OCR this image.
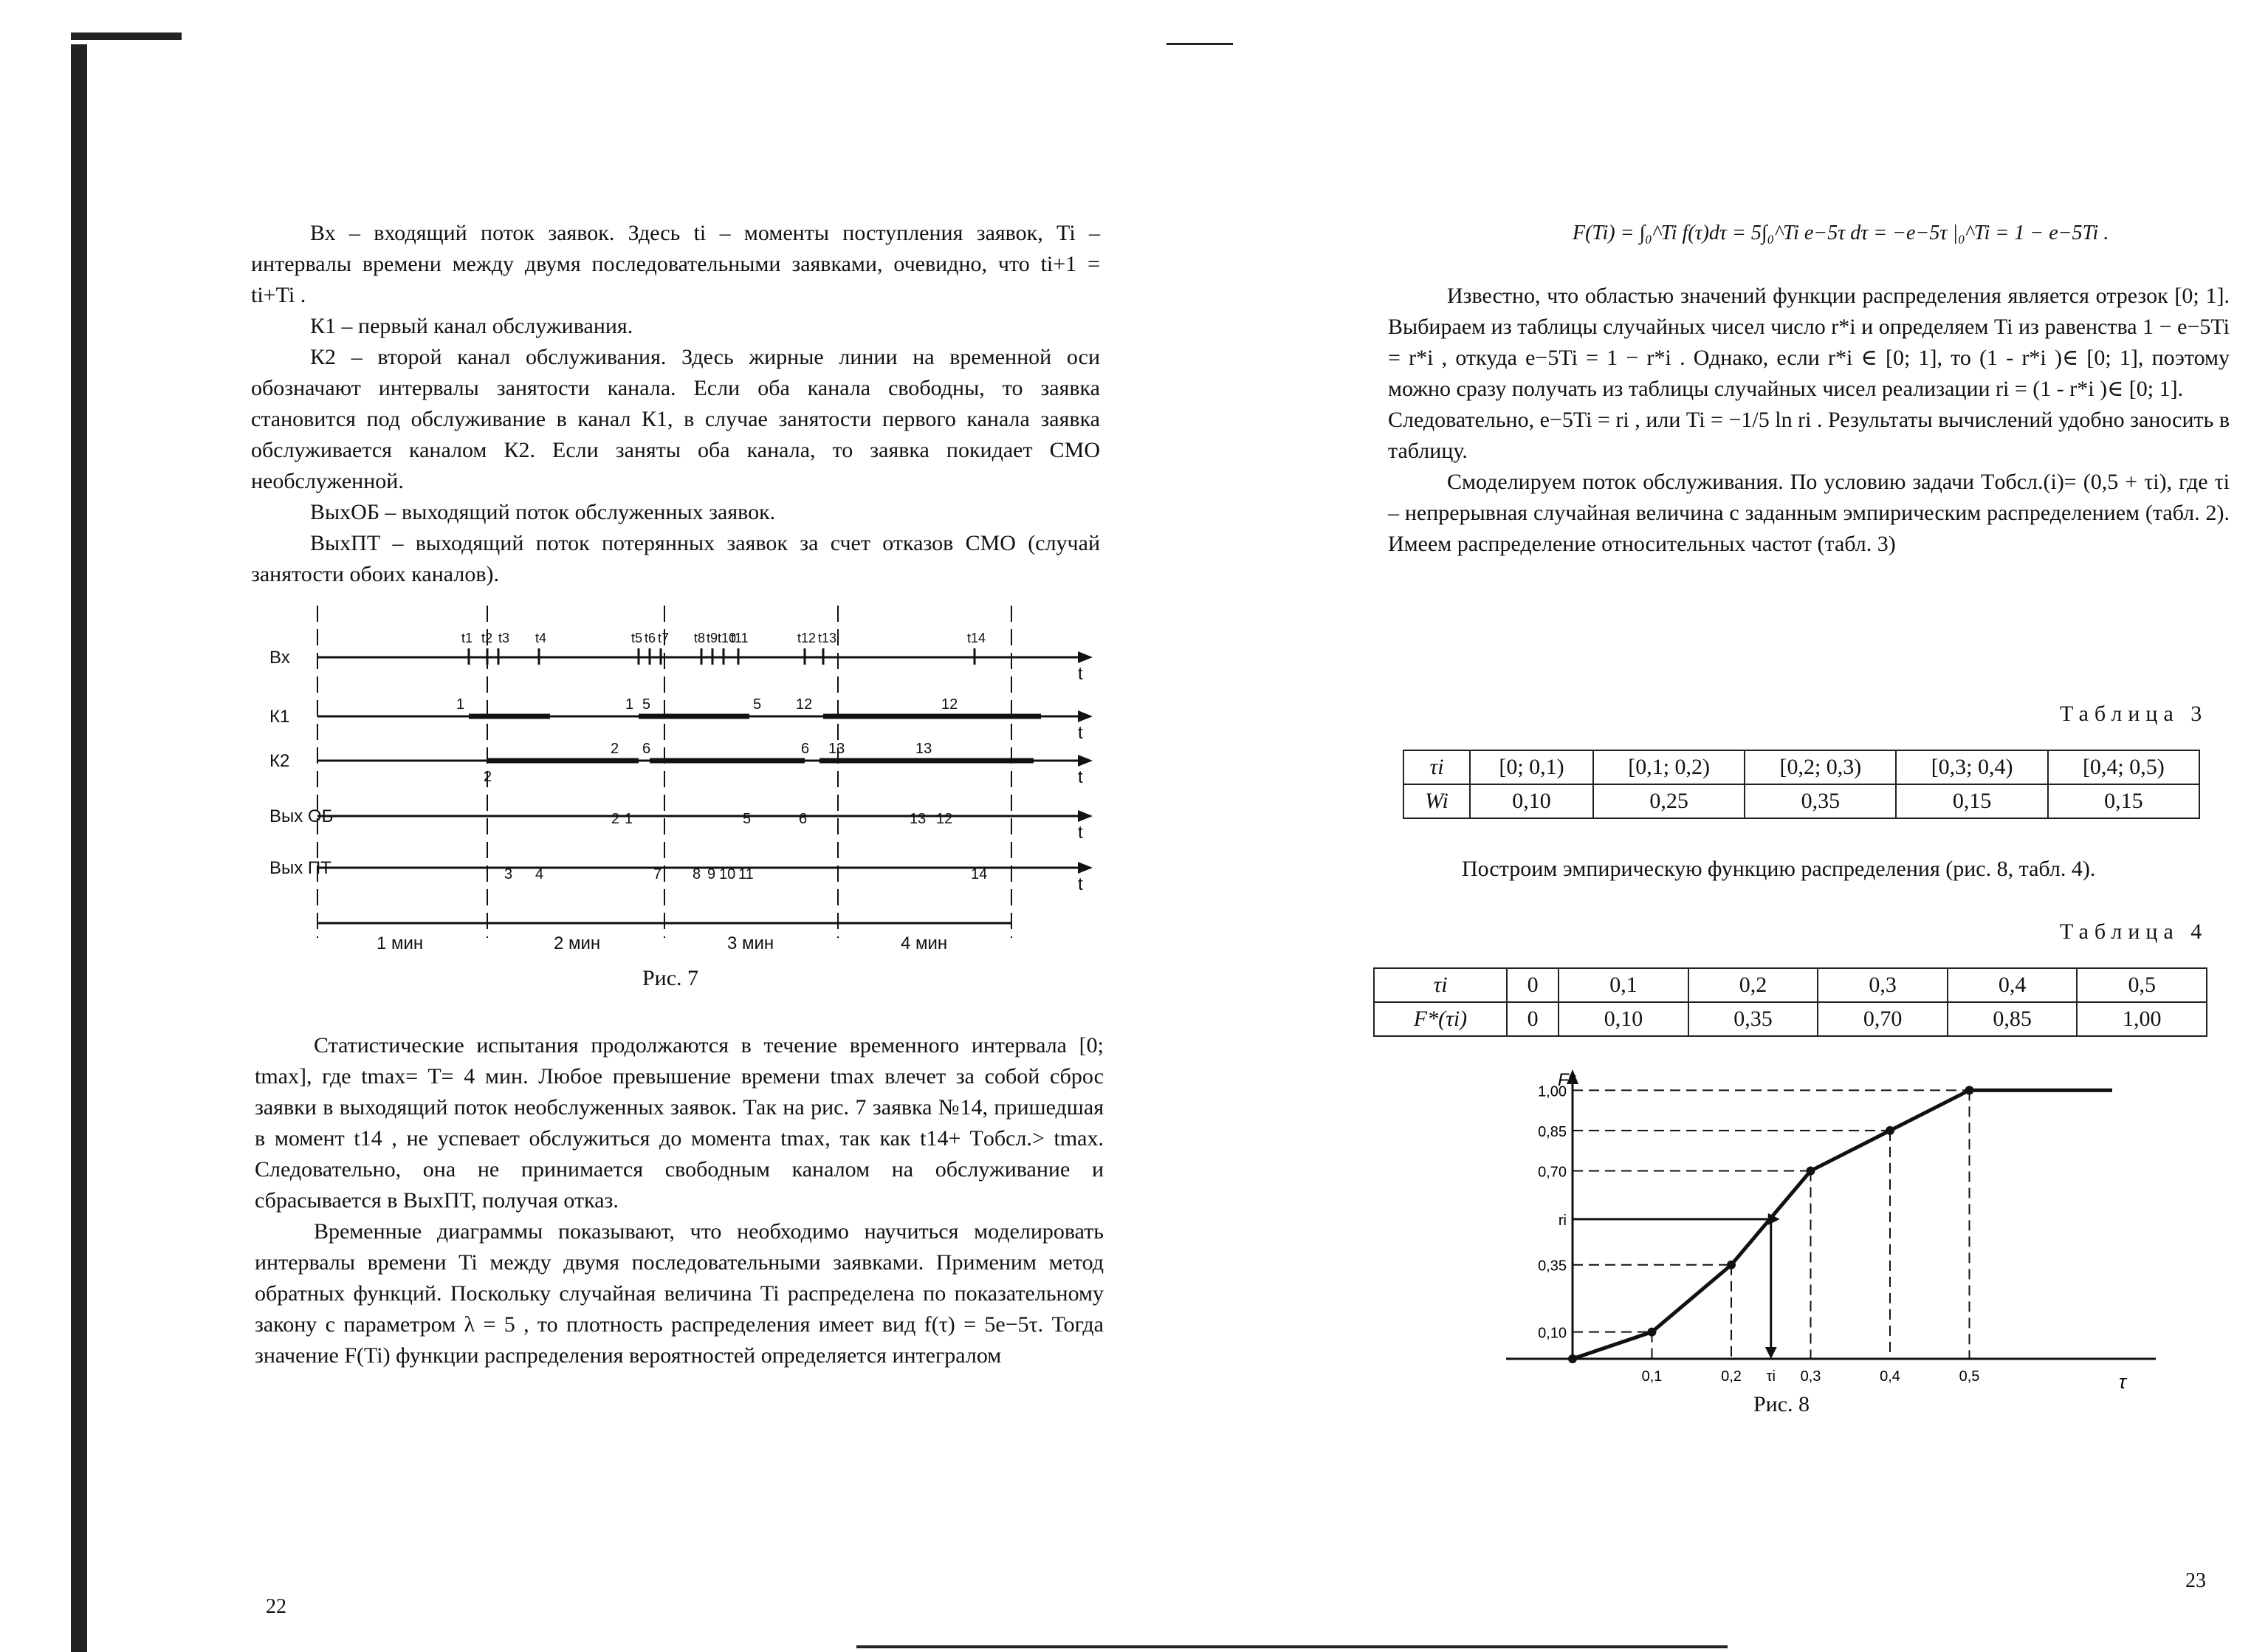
Вх – входящий поток заявок. Здесь ti – моменты поступления заявок, Ti – интервалы времени между двумя последовательными заявками, очевидно, что ti+1 = ti+Ti .

К1 – первый канал обслуживания.

К2 – второй канал обслуживания. Здесь жирные линии на временной оси обозначают интервалы занятости канала. Если оба канала свободны, то заявка становится под обслуживание в канал К1, в случае занятости первого канала заявка обслуживается каналом К2. Если заняты оба канала, то заявка покидает СМО необслуженной.

ВыхОБ – выходящий поток обслуженных заявок.

ВыхПТ – выходящий поток потерянных заявок за счет отказов СМО (случай занятости обоих каналов).

Вх
К1
К2
Вых ОБ
Вых ПТ
t
t
t
t
t
1 мин	2 мин	3 мин	4 мин
t1 t2 t3 t4	t5 t6 t7 t8 t9 t10
t11	t12 t13	t14
1	1 5	5 12	12
2
2 6	6 13	13
2 1	5	6	13 12
3 4	7 8 9 10 11	14
Рис. 7

Статистические испытания продолжаются в течение временного интервала [0; tmax], где tmax= T= 4 мин. Любое превышение времени tmax влечет за собой сброс заявки в выходящий поток необслуженных заявок. Так на рис. 7 заявка №14, пришедшая в момент t14 , не успевает обслужиться до момента tmax, так как t14+ Tобсл.> tmax. Следовательно, она не принимается свободным каналом на обслуживание и сбрасывается в ВыхПТ, получая отказ.

Временные диаграммы показывают, что необходимо научиться моделировать интервалы времени Ti между двумя последовательными заявками. Применим метод обратных функций. Поскольку случайная величина Ti распределена по показательному закону с параметром λ = 5 , то плотность распределения имеет вид f(τ) = 5e−5τ. Тогда значение F(Ti) функции распределения вероятностей определяется интегралом

22
F(Ti) = ∫₀^Ti f(τ)dτ = 5∫₀^Ti e−5τ dτ = −e−5τ |₀^Ti = 1 − e−5Ti .

Известно, что областью значений функции распределения является отрезок [0; 1]. Выбираем из таблицы случайных чисел число r*i и определяем Ti из равенства 1 − e−5Ti = r*i , откуда e−5Ti = 1 − r*i . Однако, если r*i ∈ [0; 1], то (1 - r*i )∈ [0; 1], поэтому можно сразу получать из таблицы случайных чисел реализации ri = (1 - r*i )∈ [0; 1].

Следовательно, e−5Ti = ri , или Ti = −1/5 ln ri . Результаты вычислений удобно заносить в таблицу.

Смоделируем поток обслуживания. По условию задачи Tобсл.(i)= (0,5 + τi), где τi – непрерывная случайная величина с заданным эмпирическим распределением (табл. 2). Имеем распределение относительных частот (табл. 3)

Таблица 3
τi	[0; 0,1)	[0,1; 0,2)	[0,2; 0,3)	[0,3; 0,4)	[0,4; 0,5)
Wi	0,10	0,25	0,35	0,15	0,15
Построим эмпирическую функцию распределения (рис. 8, табл. 4).
Таблица 4
τi	0	0,1	0,2	0,3	0,4	0,5
F*(τi)	0	0,10	0,35	0,70	0,85	1,00
F*
τ
1,00
0,85
0,70
ri
0,35
0,10
0,1	0,2 τi 0,3	0,4	0,5
Рис. 8
23
